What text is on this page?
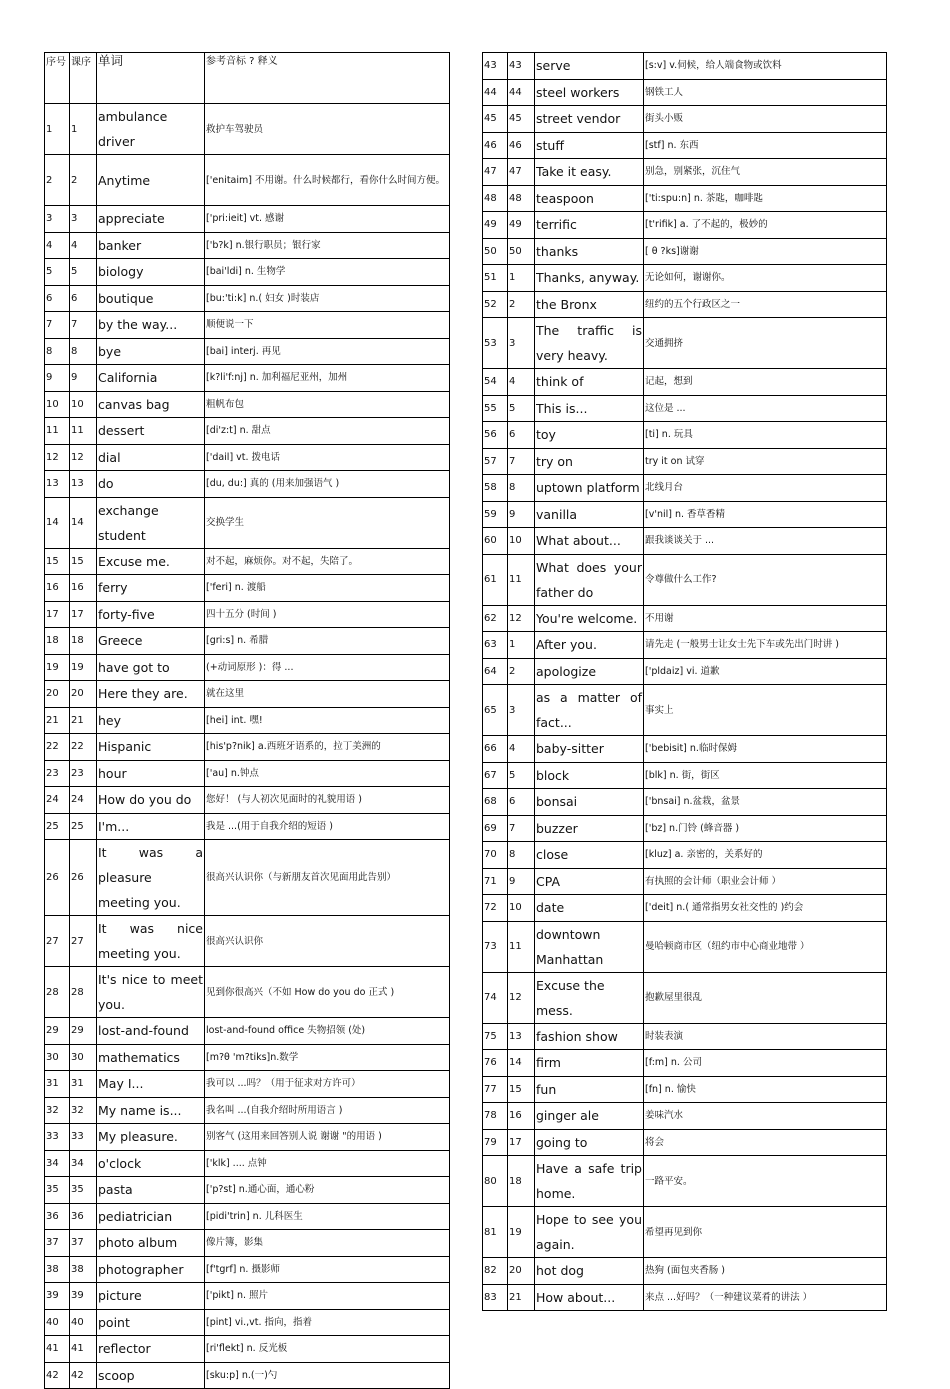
序号	课序	单词	参考音标 ? 释义
1	1	ambulance driver	救护车驾驶员
2	2	Anytime	['enitaim] 不用谢。什么时候都行，看你什么时间方便。
3	3	appreciate	['pri:ieit] vt. 感谢
4	4	banker	['b?k] n.银行职员；银行家
5	5	biology	[bai'ldi] n. 生物学
6	6	boutique	[bu:'ti:k] n.( 妇女 )时装店
7	7	by the way...	顺便说一下
8	8	bye	[bai] interj. 再见
9	9	California	[k?li'f:nj] n. 加利福尼亚州，加州
10	10	canvas bag	粗帆布包
11	11	dessert	[di'z:t] n. 甜点
12	12	dial	['dail] vt. 拨电话
13	13	do	[du, du:] 真的 (用来加强语气 )
14	14	exchange student	交换学生
15	15	Excuse me.	对不起，麻烦你。对不起，失陪了。
16	16	ferry	['feri] n. 渡船
17	17	forty-five	四十五分 (时间 )
18	18	Greece	[gri:s] n. 希腊
19	19	have got to	(+动词原形 )：得 ...
20	20	Here they are.	就在这里
21	21	hey	[hei] int. 嘿!
22	22	Hispanic	[his'p?nik] a.西班牙语系的，拉丁美洲的
23	23	hour	['au] n.钟点
24	24	How do you do	您好！ (与人初次见面时的礼貌用语 )
25	25	I'm...	我是 ...(用于自我介绍的短语 )
26	26	It was a pleasure meeting you.	很高兴认识你（与新朋友首次见面用此告别）
27	27	It was nice meeting you.	很高兴认识你
28	28	It's nice to meet you.	见到你很高兴（不如 How do you do 正式 )
29	29	lost-and-found	lost-and-found office 失物招领 (处)
30	30	mathematics	[m?θ 'm?tiks]n.数学
31	31	May I...	我可以 ...吗？（用于征求对方许可）
32	32	My name is...	我名叫 ...(自我介绍时所用语言 )
33	33	My pleasure.	别客气 (这用来回答别人说 谢谢 "的用语 )
34	34	o'clock	['klk] .... 点钟
35	35	pasta	['p?st] n.通心面，通心粉
36	36	pediatrician	[pidi'trin] n. 儿科医生
37	37	photo album	像片簿，影集
38	38	photographer	[f'tgrf] n. 摄影师
39	39	picture	['pikt] n. 照片
40	40	point	[pint] vi.,vt. 指向，指着
41	41	reflector	[ri'flekt] n. 反光板
42	42	scoop	[sku:p] n.(一)勺
43	43	serve	[s:v] v.伺候，给人端食物或饮料
44	44	steel workers	钢铁工人
45	45	street vendor	街头小贩
46	46	stuff	[stf] n. 东西
47	47	Take it easy.	别急，别紧张，沉住气
48	48	teaspoon	['ti:spu:n] n. 茶匙，咖啡匙
49	49	terrific	[t'rifik] a. 了不起的，极妙的
50	50	thanks	[ θ ?ks]谢谢
51	1	Thanks, anyway.	无论如何，谢谢你。
52	2	the Bronx	纽约的五个行政区之一
53	3	The traffic is very heavy.	交通拥挤
54	4	think of	记起，想到
55	5	This is...	这位是 ...
56	6	toy	[ti] n. 玩具
57	7	try on	try it on 试穿
58	8	uptown platform	北线月台
59	9	vanilla	[v'nil] n. 香草香精
60	10	What about...	跟我谈谈关于 ...
61	11	What does your father do	令尊做什么工作?
62	12	You're welcome.	不用谢
63	1	After you.	请先走 (一般男士让女士先下车或先出门时讲 )
64	2	apologize	['pldaiz] vi. 道歉
65	3	as a matter of fact...	事实上
66	4	baby-sitter	['bebisit] n.临时保姆
67	5	block	[blk] n. 街，街区
68	6	bonsai	['bnsai] n.盆栽，盆景
69	7	buzzer	['bz] n.门铃 (蜂音器 )
70	8	close	[kluz] a. 亲密的，关系好的
71	9	CPA	有执照的会计师（职业会计师 ）
72	10	date	['deit] n.( 通常指男女社交性的 )约会
73	11	downtown Manhattan	曼哈顿商市区（纽约市中心商业地带 ）
74	12	Excuse the mess.	抱歉屋里很乱
75	13	fashion show	时装表演
76	14	firm	[f:m] n. 公司
77	15	fun	[fn] n. 愉快
78	16	ginger ale	姜味汽水
79	17	going to	将会
80	18	Have a safe trip home.	一路平安。
81	19	Hope to see you again.	希望再见到你
82	20	hot dog	热狗 (面包夹香肠 )
83	21	How about...	来点 ...好吗？（一种建议菜肴的讲法 ）
